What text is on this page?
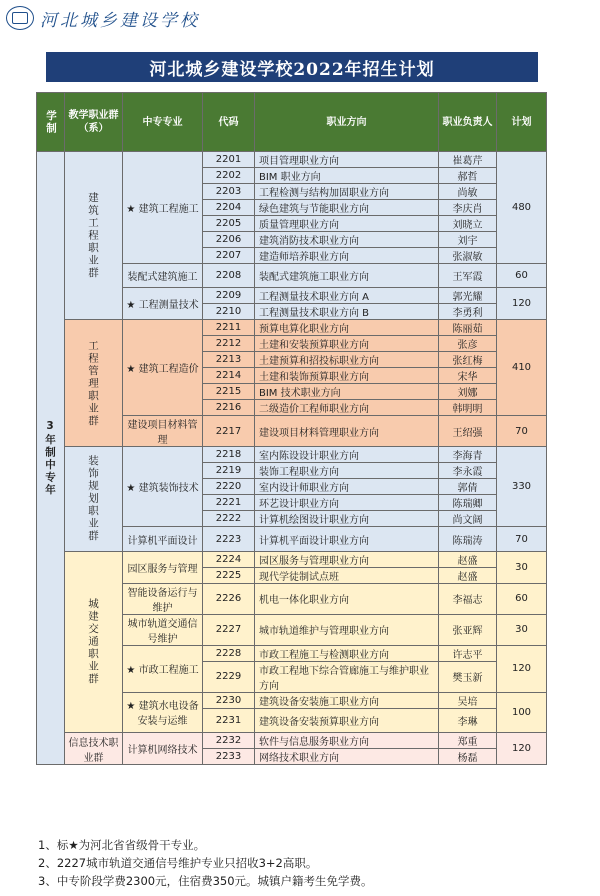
河北城乡建设学校
河北城乡建设学校2022年招生计划
学制	教学职业群（系）	中专专业	代码	职业方向	职业负责人	计划
3年制中专年	建筑工程职业群	★ 建筑工程施工	2201	项目管理职业方向	崔葛芹	480
			2202	BIM 职业方向	郝哲	
			2203	工程检测与结构加固职业方向	尚敏	
			2204	绿色建筑与节能职业方向	李庆肖	
			2205	质量管理职业方向	刘晓立	
			2206	建筑消防技术职业方向	刘宇	
			2207	建造师培养职业方向	张淑敏	
		装配式建筑施工	2208	装配式建筑施工职业方向	王军霞	60
		★ 工程测量技术	2209	工程测量技术职业方向 A	郭光耀	120
			2210	工程测量技术职业方向 B	李勇利	
	工程管理职业群	★ 建筑工程造价	2211	预算电算化职业方向	陈丽茹	410
			2212	土建和安装预算职业方向	张彦	
			2213	土建预算和招投标职业方向	张红梅	
			2214	土建和装饰预算职业方向	宋华	
			2215	BIM 技术职业方向	刘娜	
			2216	二级造价工程师职业方向	韩明明	
		建设项目材料管理	2217	建设项目材料管理职业方向	王绍强	70
	装饰规划职业群	★ 建筑装饰技术	2218	室内陈设设计职业方向	李海青	330
			2219	装饰工程职业方向	李永霞	
			2220	室内设计师职业方向	郭倩	
			2221	环艺设计职业方向	陈瑞卿	
			2222	计算机绘图设计职业方向	尚文阔	
		计算机平面设计	2223	计算机平面设计职业方向	陈瑞涛	70
	城建交通职业群	园区服务与管理	2224	园区服务与管理职业方向	赵盛	30
			2225	现代学徒制试点班	赵盛	
		智能设备运行与维护	2226	机电一体化职业方向	李福志	60
		城市轨道交通信号维护	2227	城市轨道维护与管理职业方向	张亚辉	30
		★ 市政工程施工	2228	市政工程施工与检测职业方向	许志平	120
			2229	市政工程地下综合管廊施工与维护职业方向	樊玉新	
		★ 建筑水电设备安装与运维	2230	建筑设备安装施工职业方向	吴培	100
			2231	建筑设备安装预算职业方向	李琳	
	信息技术职业群	计算机网络技术	2232	软件与信息服务职业方向	郑重	120
			2233	网络技术职业方向	杨磊	
1、标★为河北省省级骨干专业。
2、2227城市轨道交通信号维护专业只招收3+2高职。
3、中专阶段学费2300元，住宿费350元。城镇户籍考生免学费。
